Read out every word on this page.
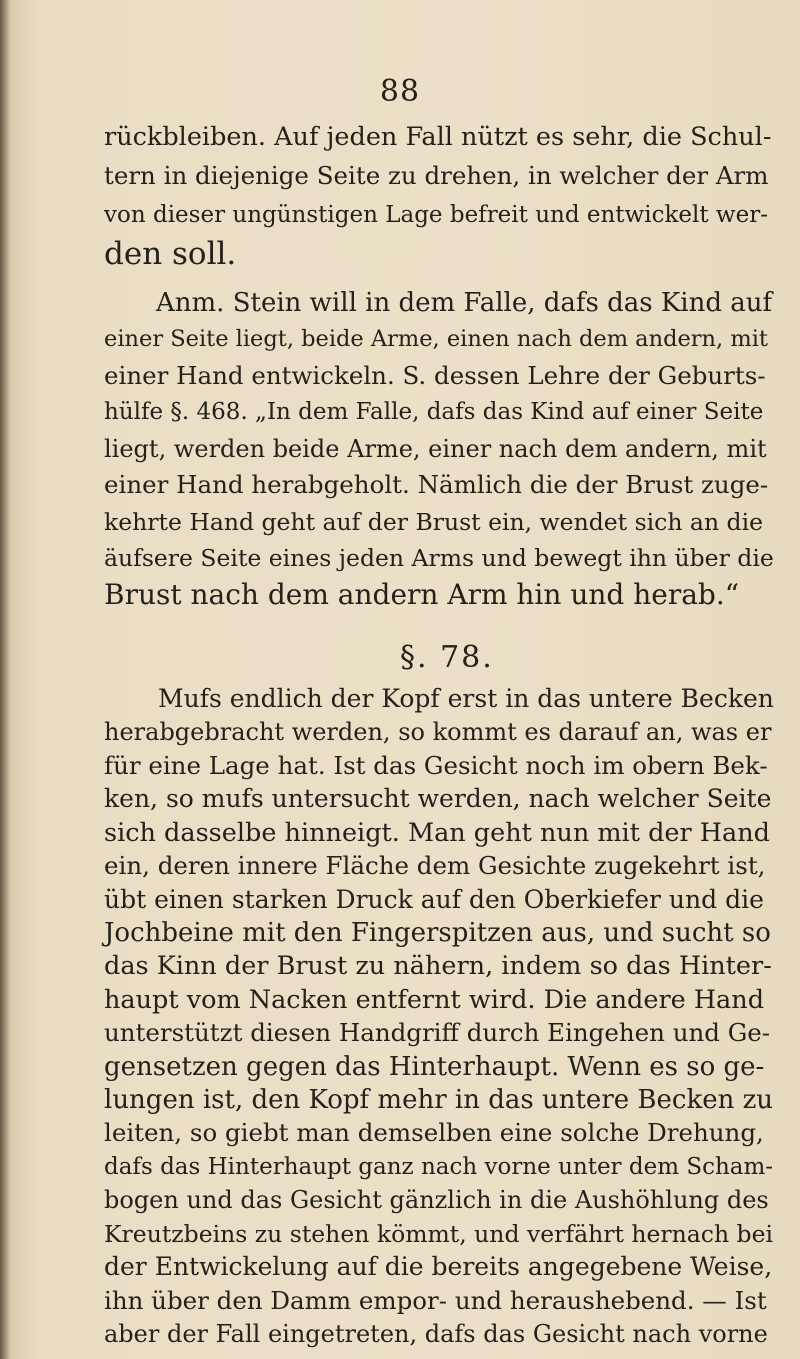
88
rückbleiben. Auf jeden Fall nützt es sehr, die Schul-
tern in diejenige Seite zu drehen, in welcher der Arm
von dieser ungünstigen Lage befreit und entwickelt wer-
den soll.
Anm. Stein will in dem Falle, dafs das Kind auf
einer Seite liegt, beide Arme, einen nach dem andern, mit
einer Hand entwickeln. S. dessen Lehre der Geburts-
hülfe §. 468. „In dem Falle, dafs das Kind auf einer Seite
liegt, werden beide Arme, einer nach dem andern, mit
einer Hand herabgeholt. Nämlich die der Brust zuge-
kehrte Hand geht auf der Brust ein, wendet sich an die
äufsere Seite eines jeden Arms und bewegt ihn über die
Brust nach dem andern Arm hin und herab.“
§. 78.
Mufs endlich der Kopf erst in das untere Becken
herabgebracht werden, so kommt es darauf an, was er
für eine Lage hat. Ist das Gesicht noch im obern Bek-
ken, so mufs untersucht werden, nach welcher Seite
sich dasselbe hinneigt. Man geht nun mit der Hand
ein, deren innere Fläche dem Gesichte zugekehrt ist,
übt einen starken Druck auf den Oberkiefer und die
Jochbeine mit den Fingerspitzen aus, und sucht so
das Kinn der Brust zu nähern, indem so das Hinter-
haupt vom Nacken entfernt wird. Die andere Hand
unterstützt diesen Handgriff durch Eingehen und Ge-
gensetzen gegen das Hinterhaupt. Wenn es so ge-
lungen ist, den Kopf mehr in das untere Becken zu
leiten, so giebt man demselben eine solche Drehung,
dafs das Hinterhaupt ganz nach vorne unter dem Scham-
bogen und das Gesicht gänzlich in die Aushöhlung des
Kreutzbeins zu stehen kömmt, und verfährt hernach bei
der Entwickelung auf die bereits angegebene Weise,
ihn über den Damm empor- und heraushebend. — Ist
aber der Fall eingetreten, dafs das Gesicht nach vorne
